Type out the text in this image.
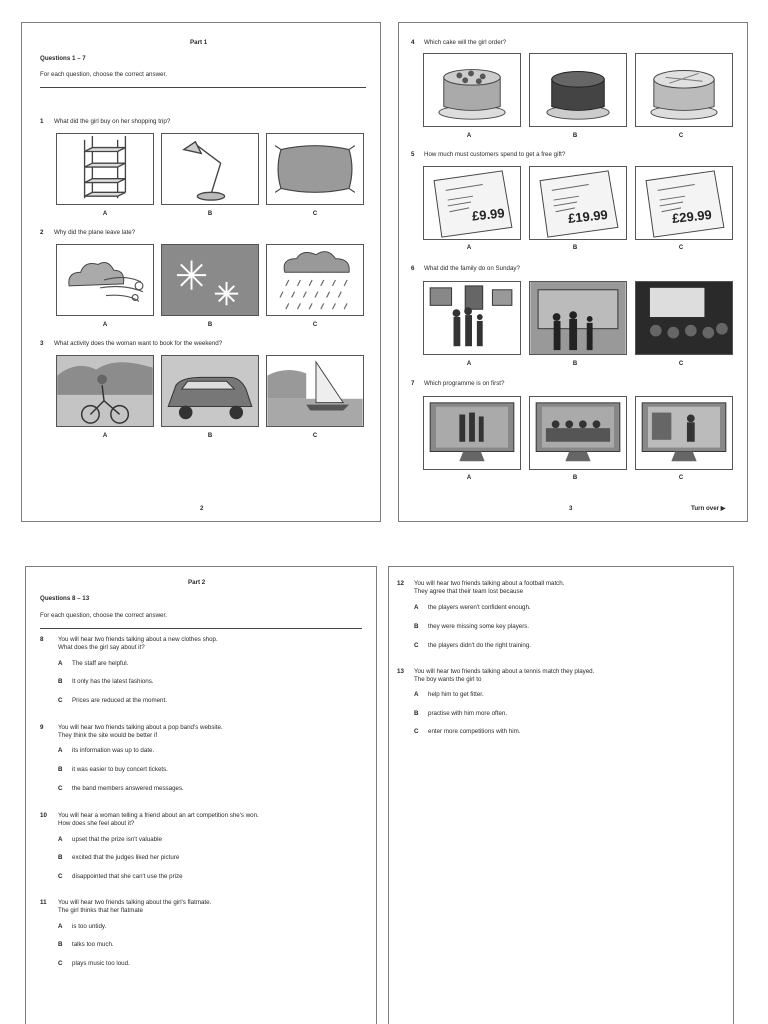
Part 1
Questions 1 – 7
For each question, choose the correct answer.
1 What did the girl buy on her shopping trip?
A	B	C
2 Why did the plane leave late?
A	B	C
3 What activity does the woman want to book for the weekend?
A	B	C
2
4 Which cake will the girl order?
A	B	C
5 How much must customers spend to get a free gift?
£9.99	£19.99	£29.99
A	B	C
6 What did the family do on Sunday?
A	B	C
7 Which programme is on first?
A	B	C
3	Turn over ▶
Part 2
Questions 8 – 13
For each question, choose the correct answer.
8 You will hear two friends talking about a new clothes shop.
What does the girl say about it?
A The staff are helpful.
B It only has the latest fashions.
C Prices are reduced at the moment.
9 You will hear two friends talking about a pop band's website.
They think the site would be better if
A its information was up to date.
B it was easier to buy concert tickets.
C the band members answered messages.
10 You will hear a woman telling a friend about an art competition she's won.
How does she feel about it?
A upset that the prize isn't valuable
B excited that the judges liked her picture
C disappointed that she can't use the prize
11 You will hear two friends talking about the girl's flatmate.
The girl thinks that her flatmate
A is too untidy.
B talks too much.
C plays music too loud.
12 You will hear two friends talking about a football match.
They agree that their team lost because
A the players weren't confident enough.
B they were missing some key players.
C the players didn't do the right training.
13 You will hear two friends talking about a tennis match they played.
The boy wants the girl to
A help him to get fitter.
B practise with him more often.
C enter more competitions with him.
